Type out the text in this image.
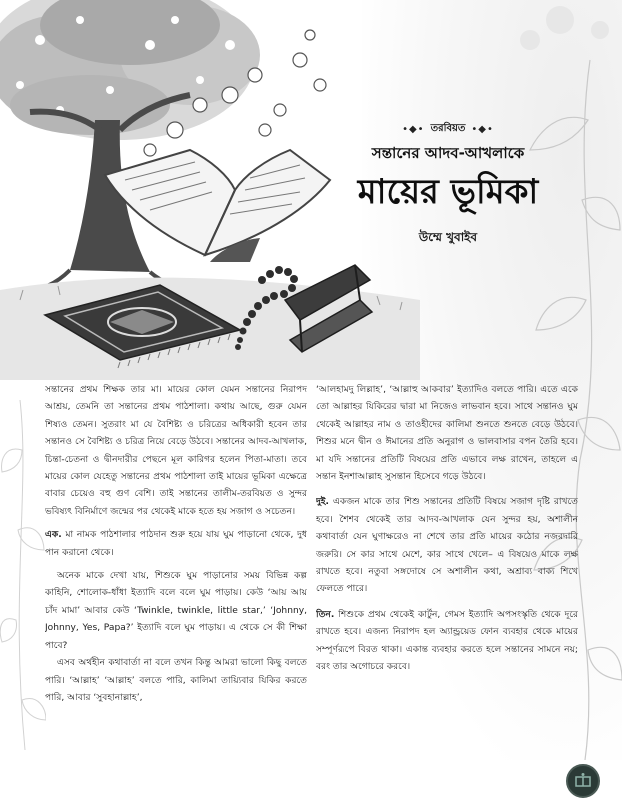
•◆• তরবিয়ত •◆•
সন্তানের আদব-আখলাকে
মায়ের ভূমিকা
উম্মে খুবাইব

সন্তানের প্রথম শিক্ষক তার মা। মায়ের কোল যেমন সন্তানের নিরাপদ আশ্রয়, তেমনি তা সন্তানের প্রথম পাঠশালা। কথায় আছে, গুরু যেমন শিষ্যও তেমন। সুতরাং মা যে বৈশিষ্ট্য ও চরিত্রের অধিকারী হবেন তার সন্তানও সে বৈশিষ্ট্য ও চরিত্র নিয়ে বেড়ে উঠবে। সন্তানের আদব-আখলাক, চিন্তা-চেতনা ও দ্বীনদারীর পেছনে মূল কারিগর হলেন পিতা-মাতা। তবে মায়ের কোল যেহেতু সন্তানের প্রথম পাঠশালা তাই মায়ের ভূমিকা এক্ষেত্রে বাবার চেয়েও বহু গুণ বেশি। তাই সন্তানের তালীম-তরবিয়ত ও সুন্দর ভবিষ্যৎ বিনির্মাণে জন্মের পর থেকেই মাকে হতে হয় সজাগ ও সচেতন।

এক. মা নামক পাঠশালার পাঠদান শুরু হয়ে যায় ঘুম পাড়ানো থেকে, দুধ পান করানো থেকে।

অনেক মাকে দেখা যায়, শিশুকে ঘুম পাড়ানোর সময় বিভিন্ন কল্প কাহিনি, শোলোক-ধাঁধা ইত্যাদি বলে বলে ঘুম পাড়ায়। কেউ ‘আয় আয় চাঁদ মামা’ আবার কেউ ‘Twinkle, twinkle, little star,’ ‘Johnny, Johnny, Yes, Papa?’ ইত্যাদি বলে ঘুম পাড়ায়। এ থেকে সে কী শিক্ষা পাবে?

এসব অর্থহীন কথাবার্তা না বলে তখন কিন্তু আমরা ভালো কিছু বলতে পারি। ‘আল্লাহ’ ‘আল্লাহ’ বলতে পারি, কালিমা তায়্যিবার যিকির করতে পারি, আবার ‘সুবহানাল্লাহ’,

‘আলহামদু লিল্লাহ’, ‘আল্লাহু আকবার’ ইত্যাদিও বলতে পারি। এতে একে তো আল্লাহর যিকিরের দ্বারা মা নিজেও লাভবান হবে। সাথে সন্তানও ঘুম থেকেই আল্লাহর নাম ও তাওহীদের কালিমা শুনতে শুনতে বেড়ে উঠবে। শিশুর মনে দ্বীন ও ঈমানের প্রতি অনুরাগ ও ভালবাসার বপন তৈরি হবে। মা যদি সন্তানের প্রতিটি বিষয়ের প্রতি এভাবে লক্ষ রাখেন, তাহলে এ সন্তান ইনশাআল্লাহ সুসন্তান হিসেবে গড়ে উঠবে।

দুই. একজন মাকে তার শিশু সন্তানের প্রতিটি বিষয়ে সজাগ দৃষ্টি রাখতে হবে। শৈশব থেকেই তার আদব-আখলাক যেন সুন্দর হয়, অশালীন কথাবার্তা যেন ঘুণাক্ষরেও না শেখে তার প্রতি মায়ের কঠোর নজরদারি জরুরি। সে কার সাথে মেশে, কার সাথে খেলে– এ বিষয়েও মাকে লক্ষ রাখতে হবে। নতুবা সঙ্গদোষে সে অশালীন কথা, অশ্রাব্য বাক্য শিখে ফেলতে পারে।

তিন. শিশুকে প্রথম থেকেই কার্টুন, গেমস ইত্যাদি অপসংস্কৃতি থেকে দূরে রাখতে হবে। এজন্য নিরাপদ হল অ্যান্ড্রয়েড ফোন ব্যবহার থেকে মায়ের সম্পূর্ণরূপে বিরত থাকা। একান্ত ব্যবহার করতে হলে সন্তানের সামনে নয়; বরং তার অগোচরে করবে।
